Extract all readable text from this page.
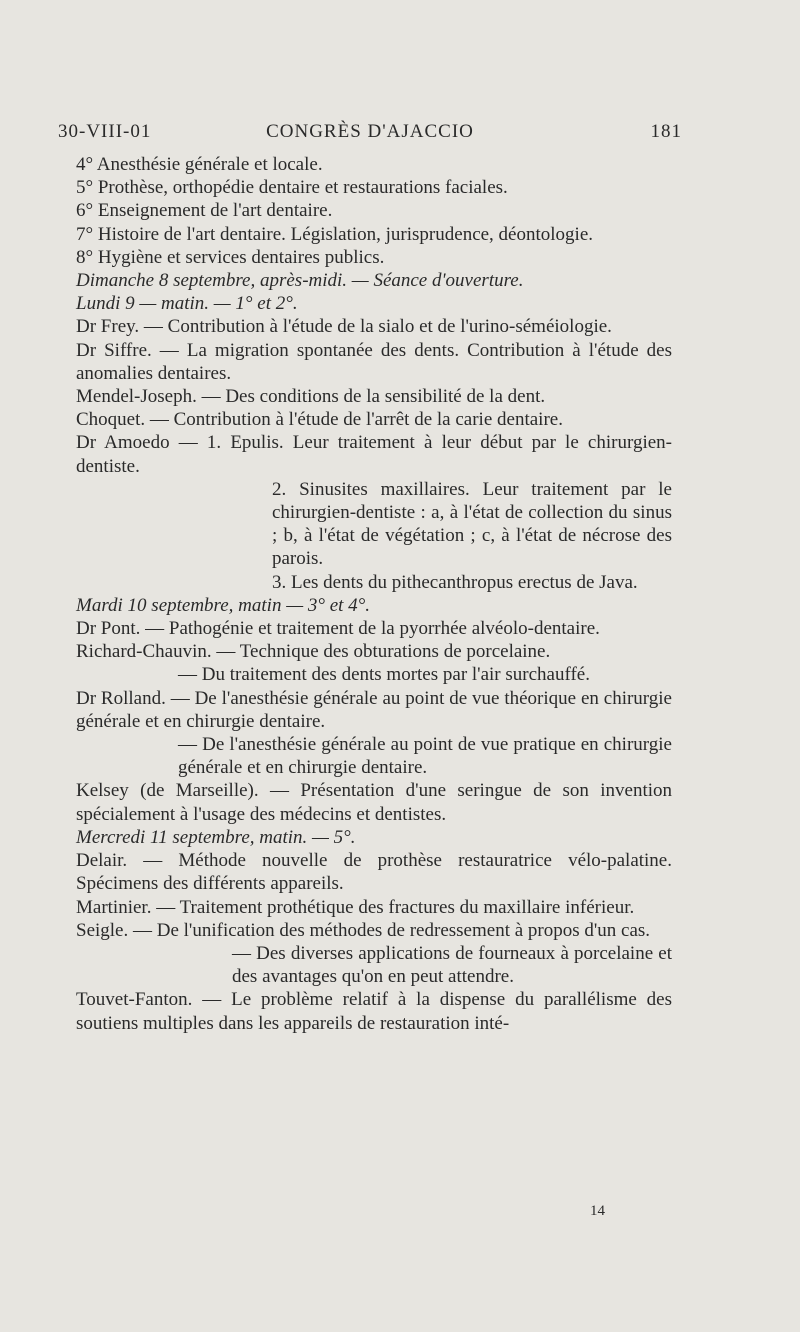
30-VIII-01	CONGRÈS D'AJACCIO	181

4° Anesthésie générale et locale.

5° Prothèse, orthopédie dentaire et restaurations faciales.

6° Enseignement de l'art dentaire.

7° Histoire de l'art dentaire. Législation, jurisprudence, déontologie.

8° Hygiène et services dentaires publics.

Dimanche 8 septembre, après-midi. — Séance d'ouverture.

Lundi 9 — matin. — 1° et 2°.

Dr Frey. — Contribution à l'étude de la sialo et de l'urino-séméiologie.

Dr Siffre. — La migration spontanée des dents. Contribution à l'étude des anomalies dentaires.

Mendel-Joseph. — Des conditions de la sensibilité de la dent.

Choquet. — Contribution à l'étude de l'arrêt de la carie dentaire.

Dr Amoedo — 1. Epulis. Leur traitement à leur début par le chirurgien-dentiste.

2. Sinusites maxillaires. Leur traitement par le chirurgien-dentiste : a, à l'état de collection du sinus ; b, à l'état de végétation ; c, à l'état de nécrose des parois.

3. Les dents du pithecanthropus erectus de Java.

Mardi 10 septembre, matin — 3° et 4°.

Dr Pont. — Pathogénie et traitement de la pyorrhée alvéolo-dentaire.

Richard-Chauvin. — Technique des obturations de porcelaine.

— Du traitement des dents mortes par l'air surchauffé.

Dr Rolland. — De l'anesthésie générale au point de vue théorique en chirurgie générale et en chirurgie dentaire.

— De l'anesthésie générale au point de vue pratique en chirurgie générale et en chirurgie dentaire.

Kelsey (de Marseille). — Présentation d'une seringue de son invention spécialement à l'usage des médecins et dentistes.

Mercredi 11 septembre, matin. — 5°.

Delair. — Méthode nouvelle de prothèse restauratrice vélo-palatine. Spécimens des différents appareils.

Martinier. — Traitement prothétique des fractures du maxillaire inférieur.

Seigle. — De l'unification des méthodes de redressement à propos d'un cas.

— Des diverses applications de fourneaux à porcelaine et des avantages qu'on en peut attendre.

Touvet-Fanton. — Le problème relatif à la dispense du parallélisme des soutiens multiples dans les appareils de restauration inté-

14
